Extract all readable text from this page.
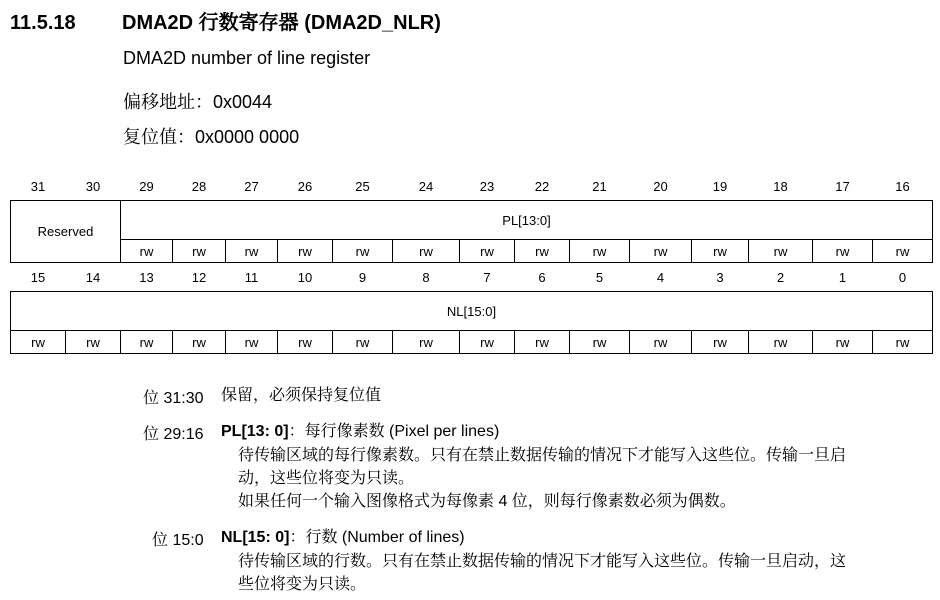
11.5.18 DMA2D 行数寄存器 (DMA2D_NLR)
DMA2D number of line register
偏移地址：0x0044
复位值：0x0000 0000
31	30	29	28	27	26	25	24	23	22	21	20	19	18	17	16
Reserved		PL[13:0]													
		rw	rw	rw	rw	rw	rw	rw	rw	rw	rw	rw	rw	rw	rw
15	14	13	12	11	10	9	8	7	6	5	4	3	2	1	0
NL[15:0]															
rw	rw	rw	rw	rw	rw	rw	rw	rw	rw	rw	rw	rw	rw	rw	rw
位 31:30 保留，必须保持复位值
位 29:16 PL[13: 0]：每行像素数 (Pixel per lines)
待传输区域的每行像素数。只有在禁止数据传输的情况下才能写入这些位。传输一旦启
动，这些位将变为只读。
如果任何一个输入图像格式为每像素 4 位，则每行像素数必须为偶数。
位 15:0 NL[15: 0]：行数 (Number of lines)
待传输区域的行数。只有在禁止数据传输的情况下才能写入这些位。传输一旦启动，这
些位将变为只读。
